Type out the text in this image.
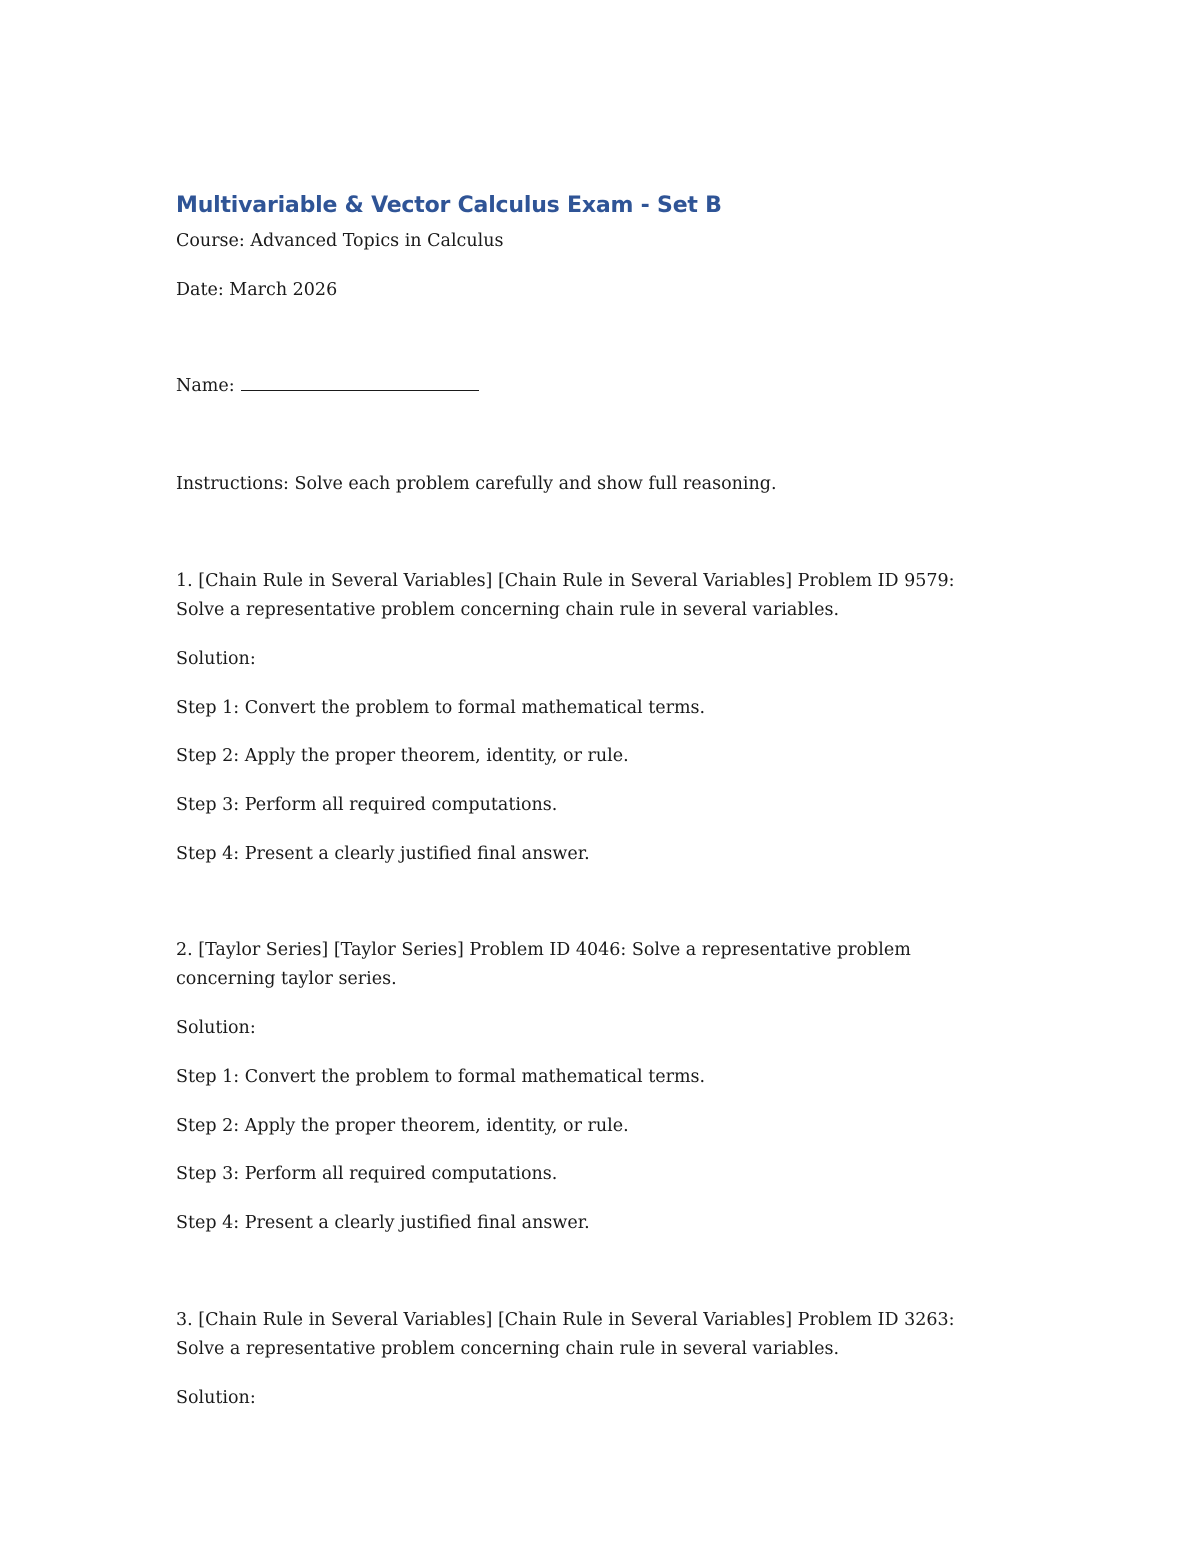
Multivariable & Vector Calculus Exam - Set B
Course: Advanced Topics in Calculus
Date: March 2026
Name:
Instructions: Solve each problem carefully and show full reasoning.
1. [Chain Rule in Several Variables] [Chain Rule in Several Variables] Problem ID 9579:
Solve a representative problem concerning chain rule in several variables.
Solution:
Step 1: Convert the problem to formal mathematical terms.
Step 2: Apply the proper theorem, identity, or rule.
Step 3: Perform all required computations.
Step 4: Present a clearly justified final answer.
2. [Taylor Series] [Taylor Series] Problem ID 4046: Solve a representative problem
concerning taylor series.
Solution:
Step 1: Convert the problem to formal mathematical terms.
Step 2: Apply the proper theorem, identity, or rule.
Step 3: Perform all required computations.
Step 4: Present a clearly justified final answer.
3. [Chain Rule in Several Variables] [Chain Rule in Several Variables] Problem ID 3263:
Solve a representative problem concerning chain rule in several variables.
Solution:
